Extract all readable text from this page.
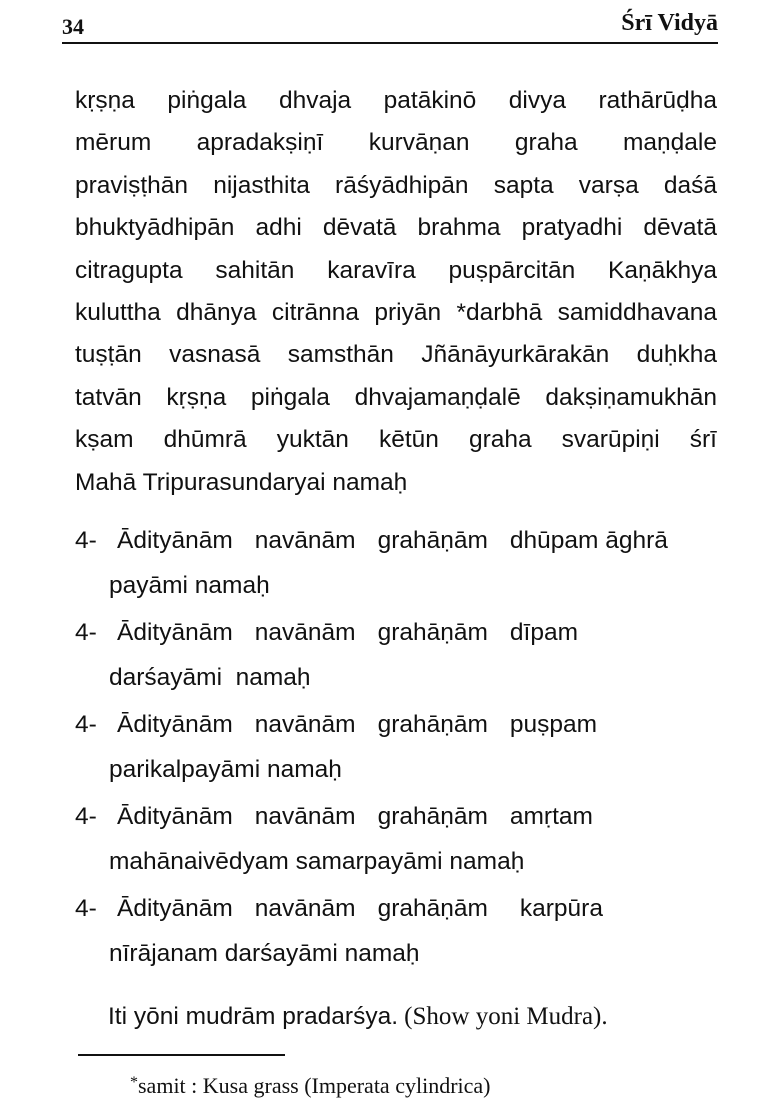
34	Śrī Vidyā
kṛṣṇa piṅgala dhvaja patākinō divya rathārūḍha
mērum apradakṣiṇī kurvāṇan graha maṇḍale
praviṣṭhān nijasthita rāśyādhipān sapta varṣa daśā
bhuktyādhipān adhi dēvatā brahma pratyadhi dēvatā
citragupta sahitān karavīra puṣpārcitān Kaṇākhya
kuluttha dhānya citrānna priyān *darbhā samiddhavana
tuṣṭān vasnasā samsthān Jñānāyurkārakān duḥkha
tatvān kṛṣṇa piṅgala dhvajamaṇḍalē dakṣiṇamukhān
kṣam dhūmrā yuktān kētūn graha svarūpiṇi śrī
Mahā Tripurasundaryai namaḥ
4- Ādityānām navānām grahāṇām dhūpam āghrā
payāmi namaḥ
4- Ādityānām navānām grahāṇām dīpam
darśayāmi  namaḥ
4- Ādityānām navānām grahāṇām puṣpam
parikalpayāmi namaḥ
4- Ādityānām navānām grahāṇām amṛtam
mahānaivēdyam samarpayāmi namaḥ
4- Ādityānām navānām grahāṇām karpūra
nīrājanam darśayāmi namaḥ
Iti yōni mudrām pradarśya. (Show yoni Mudra).
*samit : Kusa grass (Imperata cylindrica)
